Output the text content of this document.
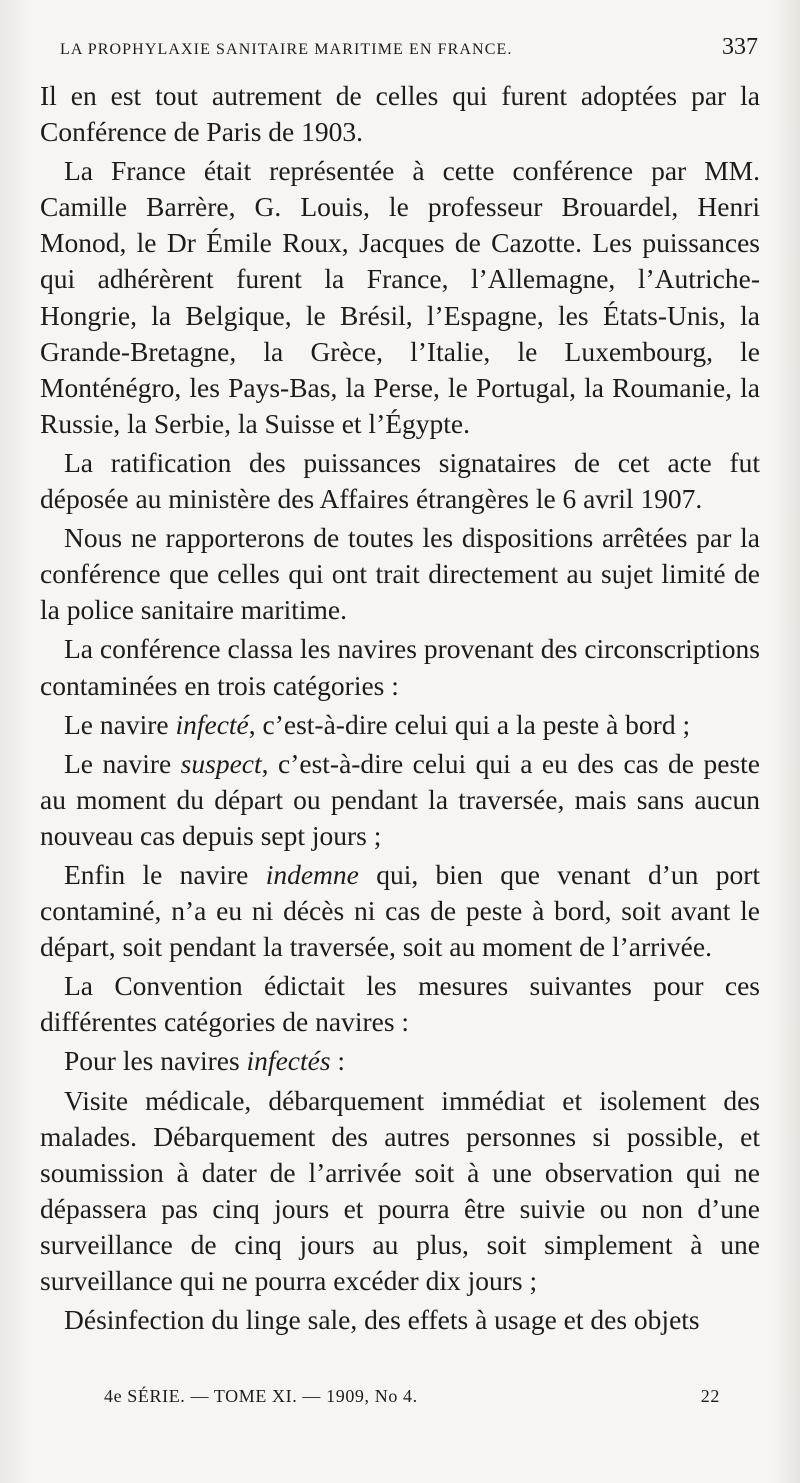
LA PROPHYLAXIE SANITAIRE MARITIME EN FRANCE.	337

Il en est tout autrement de celles qui furent adoptées par la Conférence de Paris de 1903.

La France était représentée à cette conférence par MM. Camille Barrère, G. Louis, le professeur Brouardel, Henri Monod, le Dr Émile Roux, Jacques de Cazotte. Les puissances qui adhérèrent furent la France, l’Allemagne, l’Autriche-Hongrie, la Belgique, le Brésil, l’Espagne, les États-Unis, la Grande-Bretagne, la Grèce, l’Italie, le Luxembourg, le Monténégro, les Pays-Bas, la Perse, le Portugal, la Roumanie, la Russie, la Serbie, la Suisse et l’Égypte.

La ratification des puissances signataires de cet acte fut déposée au ministère des Affaires étrangères le 6 avril 1907.

Nous ne rapporterons de toutes les dispositions arrêtées par la conférence que celles qui ont trait directement au sujet limité de la police sanitaire maritime.

La conférence classa les navires provenant des circonscriptions contaminées en trois catégories :

Le navire infecté, c’est-à-dire celui qui a la peste à bord ;

Le navire suspect, c’est-à-dire celui qui a eu des cas de peste au moment du départ ou pendant la traversée, mais sans aucun nouveau cas depuis sept jours ;

Enfin le navire indemne qui, bien que venant d’un port contaminé, n’a eu ni décès ni cas de peste à bord, soit avant le départ, soit pendant la traversée, soit au moment de l’arrivée.

La Convention édictait les mesures suivantes pour ces différentes catégories de navires :

Pour les navires infectés :

Visite médicale, débarquement immédiat et isolement des malades. Débarquement des autres personnes si possible, et soumission à dater de l’arrivée soit à une observation qui ne dépassera pas cinq jours et pourra être suivie ou non d’une surveillance de cinq jours au plus, soit simplement à une surveillance qui ne pourra excéder dix jours ;

Désinfection du linge sale, des effets à usage et des objets

4e SÉRIE. — TOME XI. — 1909, No 4.	22
